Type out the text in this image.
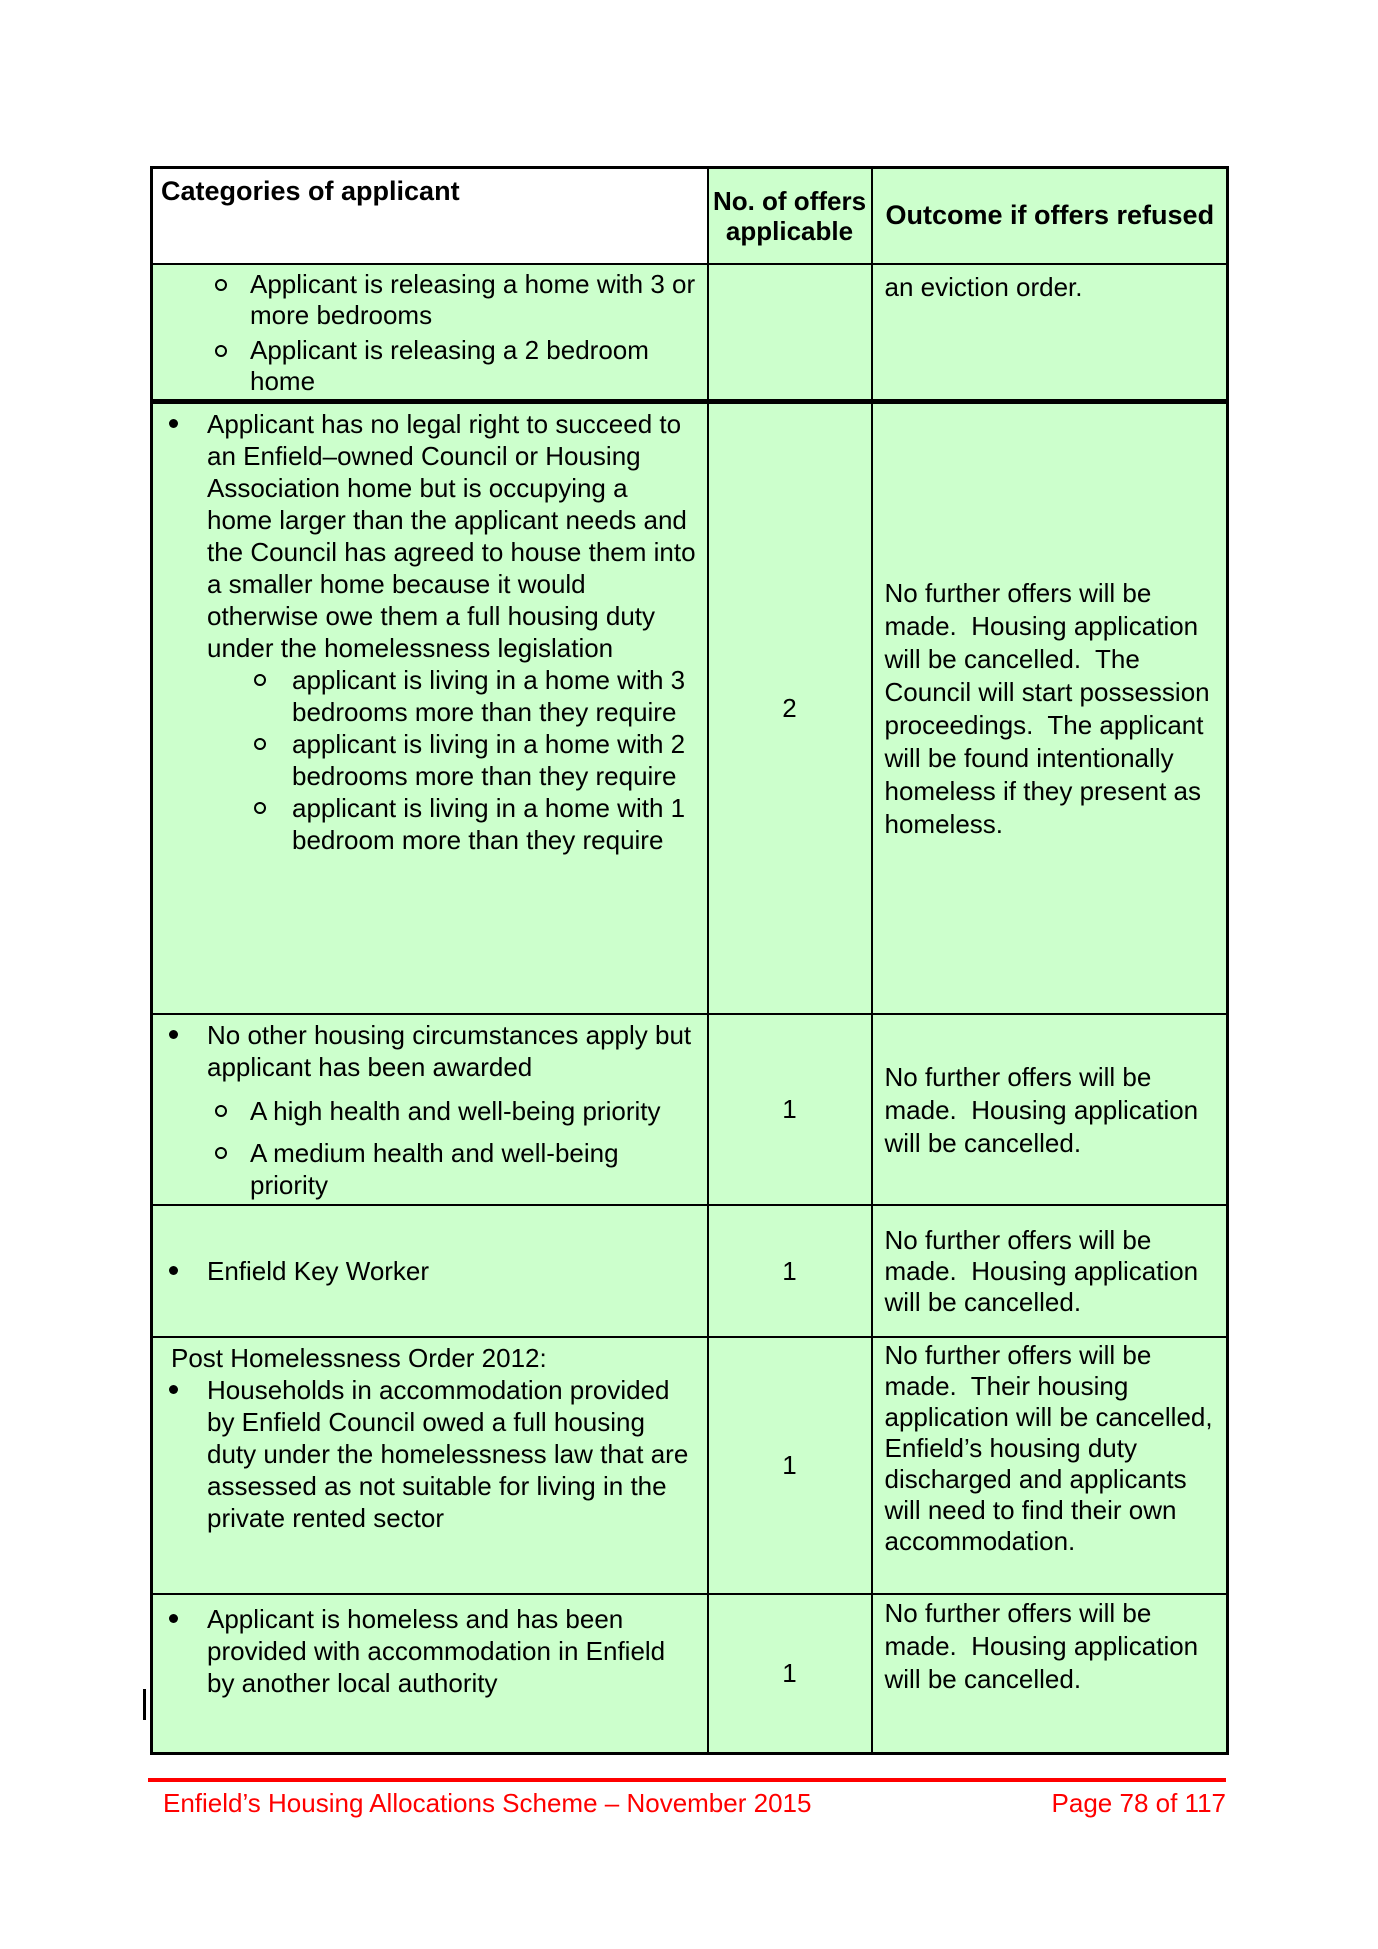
Categories of applicant	No. of offers applicable	Outcome if offers refused

Applicant is releasing a home with 3 or more bedrooms
Applicant is releasing a 2 bedroom home		an eviction order.

Applicant has no legal right to succeed to an Enfield–owned Council or Housing Association home but is occupying a home larger than the applicant needs and the Council has agreed to house them into a smaller home because it would otherwise owe them a full housing duty under the homelessness legislation
applicant is living in a home with 3 bedrooms more than they require
applicant is living in a home with 2 bedrooms more than they require
applicant is living in a home with 1 bedroom more than they require	2	No further offers will be made.  Housing application will be cancelled.  The Council will start possession proceedings.  The applicant will be found intentionally homeless if they present as homeless.

No other housing circumstances apply but applicant has been awarded
A high health and well-being priority
A medium health and well-being priority	1	No further offers will be made.  Housing application will be cancelled.

Enfield Key Worker	1	No further offers will be made.  Housing application will be cancelled.

Post Homelessness Order 2012:
Households in accommodation provided by Enfield Council owed a full housing duty under the homelessness law that are assessed as not suitable for living in the private rented sector	1	No further offers will be made.  Their housing application will be cancelled, Enfield’s housing duty discharged and applicants will need to find their own accommodation.

Applicant is homeless and has been provided with accommodation in Enfield by another local authority	1	No further offers will be made.  Housing application will be cancelled.
Enfield’s Housing Allocations Scheme – November 2015	Page 78 of 117
